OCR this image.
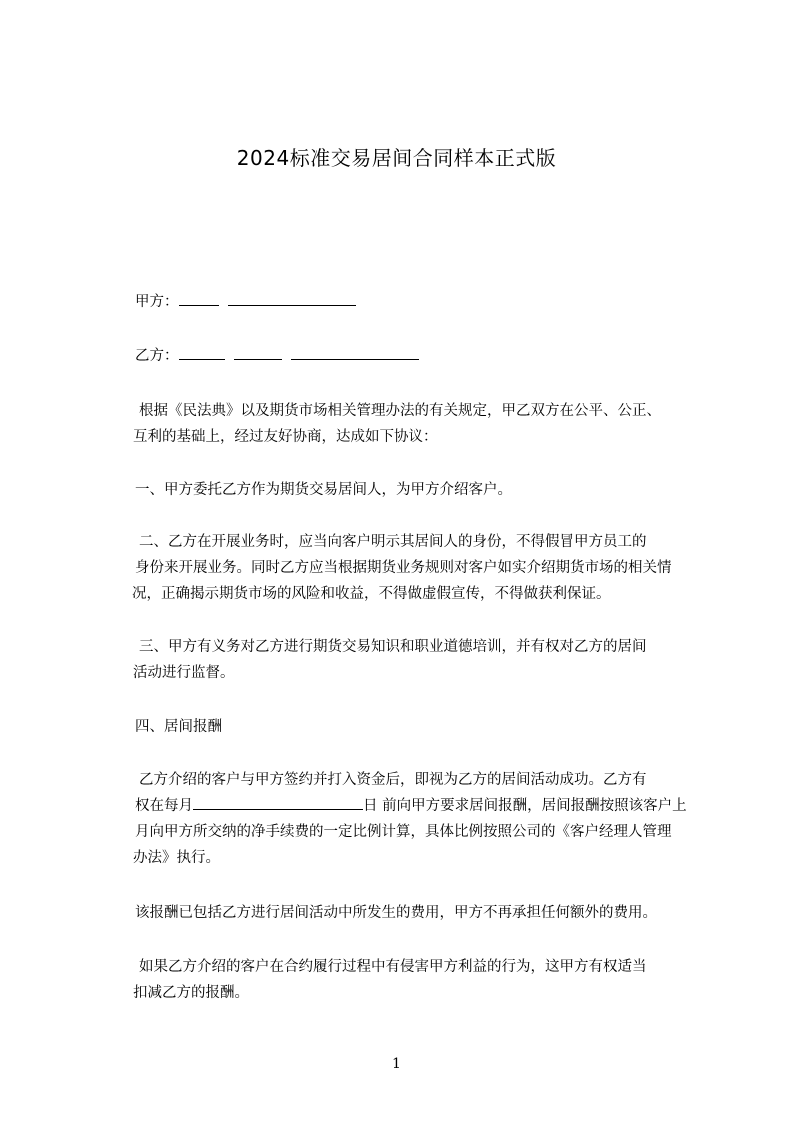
2024标准交易居间合同样本正式版
甲方：
乙方：
根据《民法典》以及期货市场相关管理办法的有关规定，甲乙双方在公平、公正、
互利的基础上，经过友好协商，达成如下协议：
一、甲方委托乙方作为期货交易居间人，为甲方介绍客户。
二、乙方在开展业务时，应当向客户明示其居间人的身份，不得假冒甲方员工的
身份来开展业务。同时乙方应当根据期货业务规则对客户如实介绍期货市场的相关情
况，正确揭示期货市场的风险和收益，不得做虚假宣传，不得做获利保证。
三、甲方有义务对乙方进行期货交易知识和职业道德培训，并有权对乙方的居间
活动进行监督。
四、居间报酬
乙方介绍的客户与甲方签约并打入资金后，即视为乙方的居间活动成功。乙方有
权在每月	日 前向甲方要求居间报酬，居间报酬按照该客户上
月向甲方所交纳的净手续费的一定比例计算，具体比例按照公司的《客户经理人管理
办法》执行。
该报酬已包括乙方进行居间活动中所发生的费用，甲方不再承担任何额外的费用。
如果乙方介绍的客户在合约履行过程中有侵害甲方利益的行为，这甲方有权适当
扣减乙方的报酬。
1
